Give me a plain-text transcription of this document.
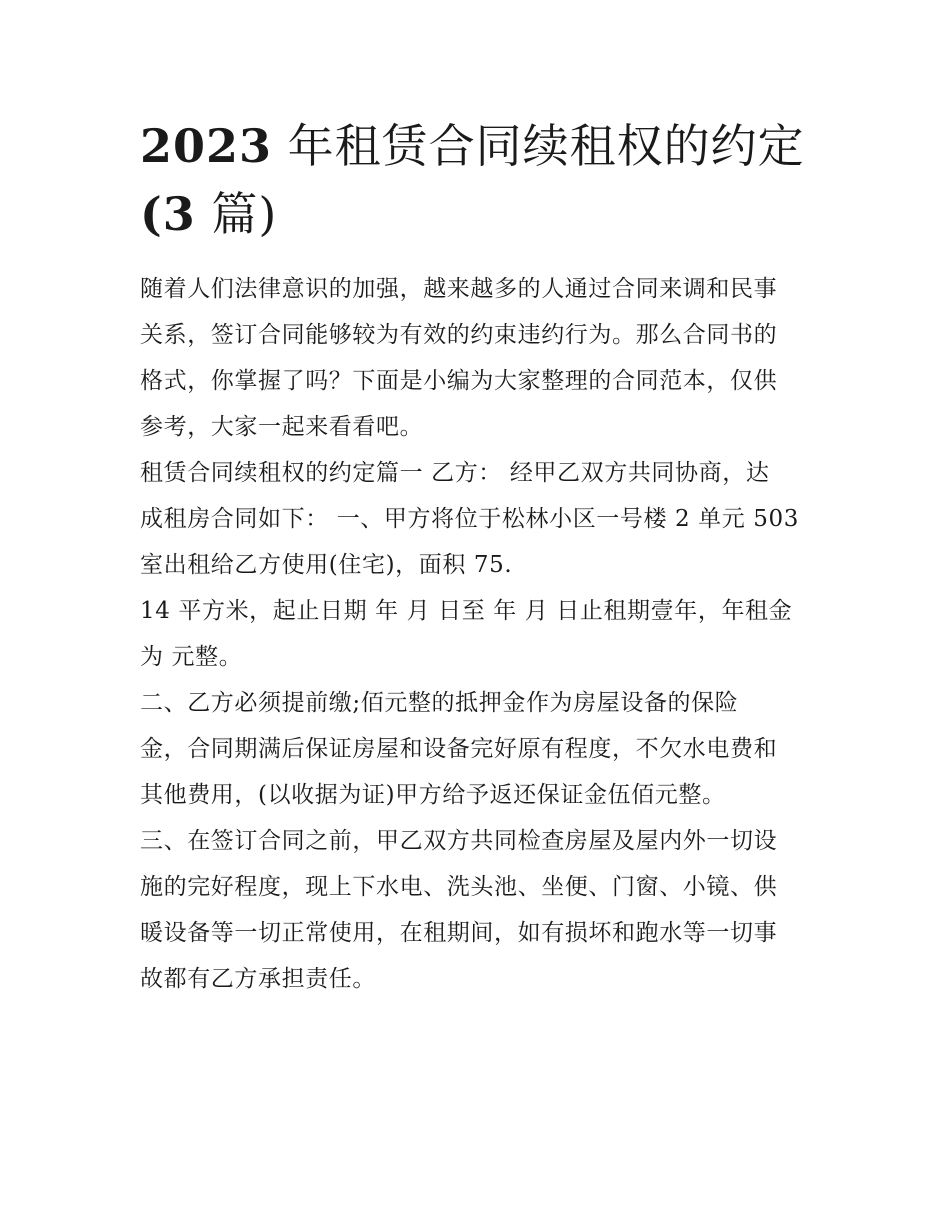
2023 年租赁合同续租权的约定
(3 篇)

随着人们法律意识的加强，越来越多的人通过合同来调和民事
关系，签订合同能够较为有效的约束违约行为。那么合同书的
格式，你掌握了吗？下面是小编为大家整理的合同范本，仅供
参考，大家一起来看看吧。

租赁合同续租权的约定篇一 乙方： 经甲乙双方共同协商，达
成租房合同如下： 一、甲方将位于松林小区一号楼 2 单元 503
室出租给乙方使用(住宅)，面积 75.

14 平方米，起止日期 年 月 日至 年 月 日止租期壹年，年租金
为 元整。

二、乙方必须提前缴;佰元整的抵押金作为房屋设备的保险
金，合同期满后保证房屋和设备完好原有程度，不欠水电费和
其他费用，(以收据为证)甲方给予返还保证金伍佰元整。

三、在签订合同之前，甲乙双方共同检查房屋及屋内外一切设
施的完好程度，现上下水电、洗头池、坐便、门窗、小镜、供
暖设备等一切正常使用，在租期间，如有损坏和跑水等一切事
故都有乙方承担责任。
